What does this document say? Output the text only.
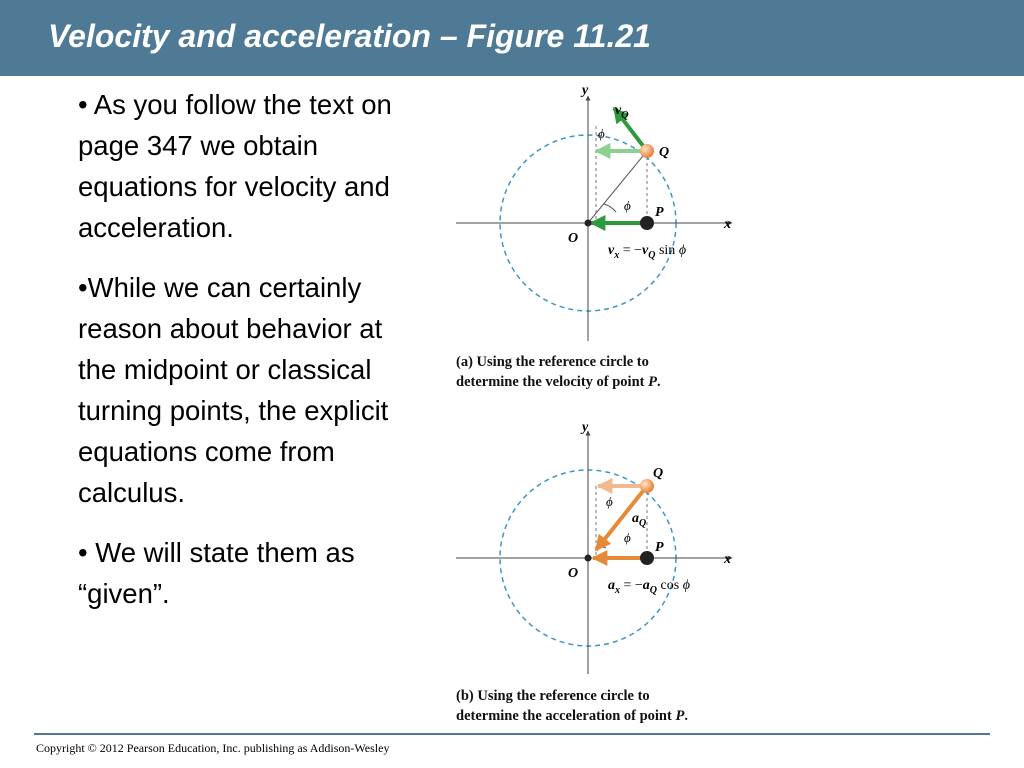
Velocity and acceleration – Figure 11.21

• As you follow the text on page 347 we obtain equations for velocity and acceleration.

•While we can certainly reason about behavior at the midpoint or classical turning points, the explicit equations come from calculus.

• We will state them as “given”.

y
x
O
Q
P
$v_Q$
ϕ
ϕ
$v_x = -v_Q$ sin ϕ
y
x
O
Q
P
$a_Q$
ϕ
ϕ
$a_x = -a_Q$ cos ϕ
(a) Using the reference circle to
determine the velocity of point P.
(b) Using the reference circle to
determine the acceleration of point P.
Copyright © 2012 Pearson Education, Inc. publishing as Addison-Wesley
